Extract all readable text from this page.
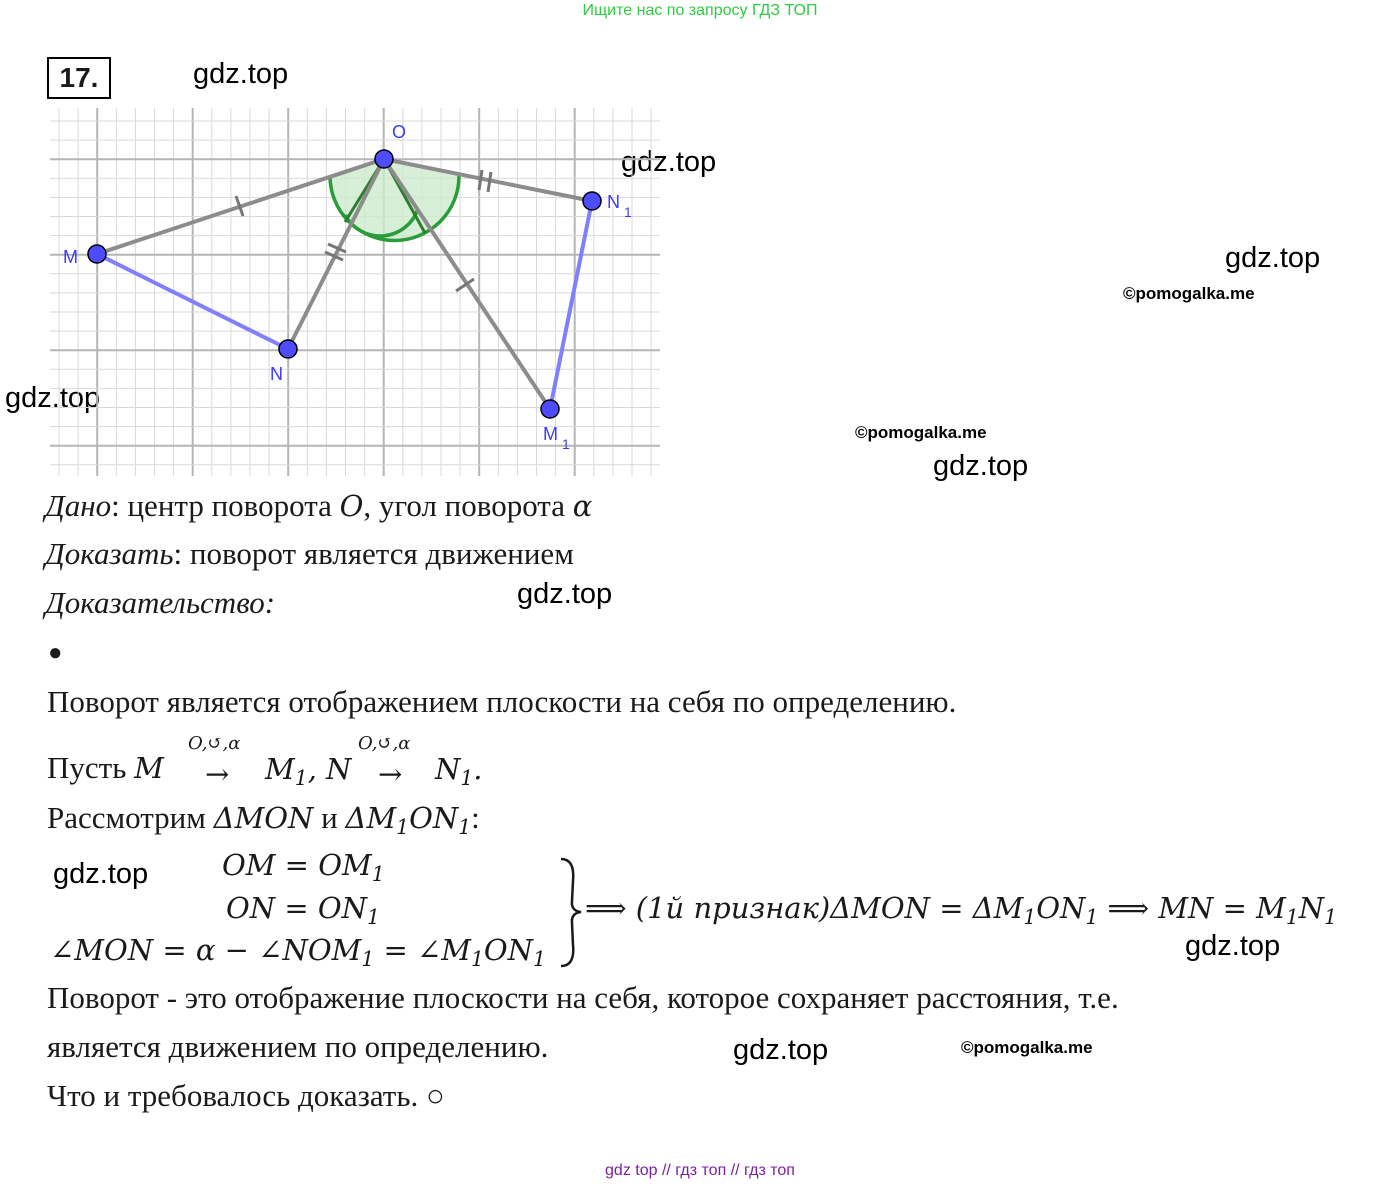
Ищите нас по запросу ГДЗ ТОП
17.	gdz.top
gdz.top
gdz.top
gdz.top
gdz.top
gdz.top
gdz.top
gdz.top
gdz.top
©pomogalka.me
©pomogalka.me
©pomogalka.me
O
M
N
N 1
M 1
Дано: центр поворота O, угол поворота α
Доказать: поворот является движением
Доказательство:
●
Поворот является отображением плоскости на себя по определению.
Пусть M
O,↺,α
→ $M_1$, N
O,↺,α
→ $N_1$.
Рассмотрим ΔMON и $\Delta M_1ON_1$:
OM = $OM_1$
ON = $ON_1$
∠MON = $\alpha - \angle NOM_1$ = $\angle M_1ON_1$
⟹ (1й признак)ΔMON = $\Delta M_1ON_1$ ⟹ MN = $M_1N_1$
Поворот - это отображение плоскости на себя, которое сохраняет расстояния, т.е.
является движением по определению.
Что и требовалось доказать. ○
gdz top // гдз топ // гдз топ
